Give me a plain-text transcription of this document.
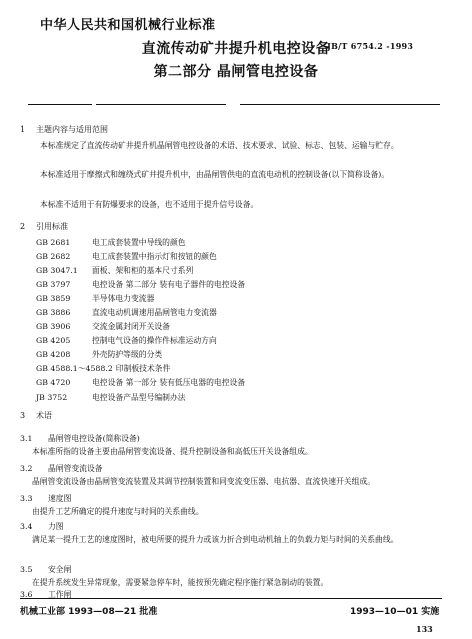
中华人民共和国机械行业标准
JB/T 6754.2 -1993
直流传动矿井提升机电控设备
第二部分 晶闸管电控设备
1 主题内容与适用范围
本标准规定了直流传动矿井提升机晶闸管电控设备的术语、技术要求、试验、标志、包装、运输与贮存。
本标准适用于摩擦式和缠绕式矿井提升机中，由晶闸管供电的直流电动机的控制设备(以下简称设备)。
本标准不适用于有防爆要求的设备，也不适用于提升信号设备。
2 引用标准
GB 2681	电工成套装置中导线的颜色
GB 2682	电工成套装置中指示灯和按钮的颜色
GB 3047.1 面板、架和柜的基本尺寸系列
GB 3797	电控设备 第二部分 装有电子器件的电控设备
GB 3859	半导体电力变流器
GB 3886	直流电动机调速用晶闸管电力变流器
GB 3906	交流金属封闭开关设备
GB 4205	控制电气设备的操作件标准运动方向
GB 4208	外壳防护等级的分类
GB 4588.1～4588.2 印制板技术条件
GB 4720	电控设备 第一部分 装有低压电器的电控设备
JB 3752	电控设备产品型号编制办法
3 术语
3.1 晶闸管电控设备(简称设备)
本标准所指的设备主要由晶闸管变流设备、提升控制设备和高低压开关设备组成。
3.2 晶闸管变流设备
晶闸管变流设备由晶闸管变流装置及其调节控制装置和同变流变压器、电抗器、直流快速开关组成。
3.3 速度图
由提升工艺所确定的提升速度与时间的关系曲线。
3.4 力图
满足某一提升工艺的速度图时，被电所要的提升力或该力折合到电动机轴上的负载力矩与时间的关系曲线。
3.5 安全闸
在提升系统发生异常现象，需要紧急停车时，能按预先确定程序施行紧急制动的装置。
3.6 工作闸
机械工业部 1993—08—21 批准	1993—10—01 实施
133
